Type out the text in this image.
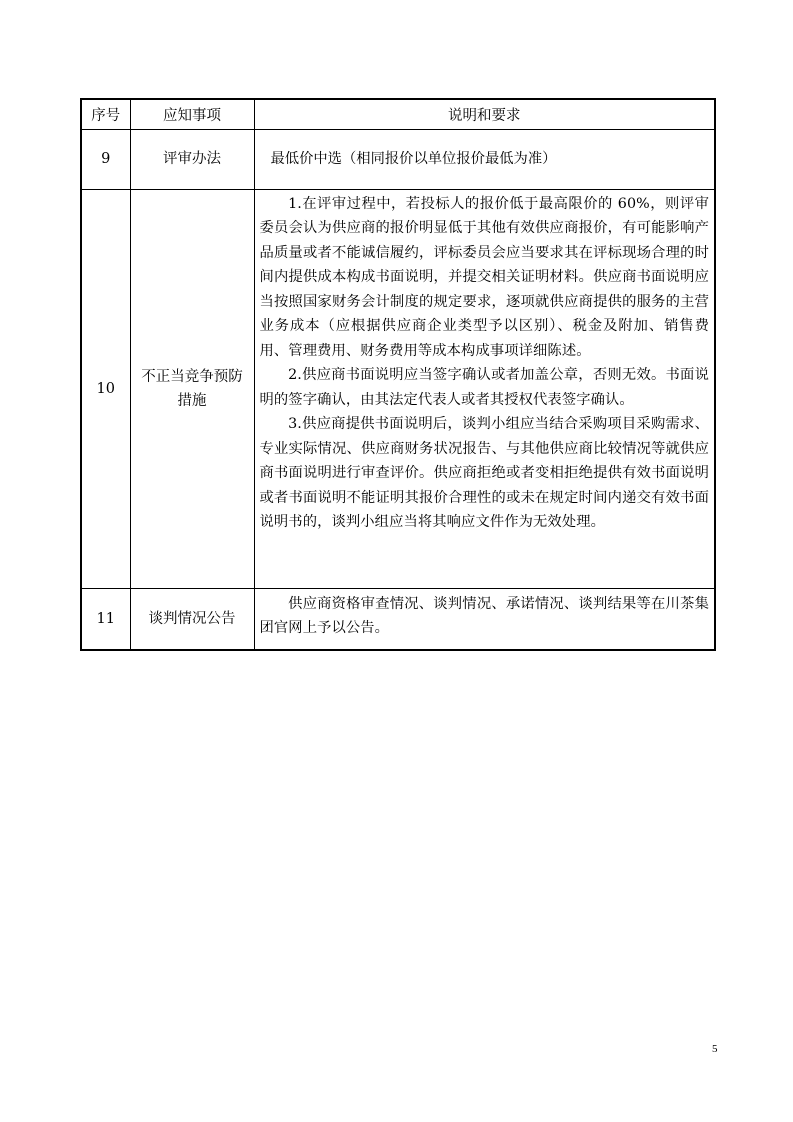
序号	应知事项	说明和要求
9	评审办法	最低价中选（相同报价以单位报价最低为准）

10	不正当竞争预防措施	1.在评审过程中，若投标人的报价低于最高限价的 60%，则评审委员会认为供应商的报价明显低于其他有效供应商报价，有可能影响产品质量或者不能诚信履约，评标委员会应当要求其在评标现场合理的时间内提供成本构成书面说明，并提交相关证明材料。供应商书面说明应当按照国家财务会计制度的规定要求，逐项就供应商提供的服务的主营业务成本（应根据供应商企业类型予以区别）、税金及附加、销售费用、管理费用、财务费用等成本构成事项详细陈述。

2.供应商书面说明应当签字确认或者加盖公章，否则无效。书面说明的签字确认，由其法定代表人或者其授权代表签字确认。

3.供应商提供书面说明后，谈判小组应当结合采购项目采购需求、专业实际情况、供应商财务状况报告、与其他供应商比较情况等就供应商书面说明进行审查评价。供应商拒绝或者变相拒绝提供有效书面说明或者书面说明不能证明其报价合理性的或未在规定时间内递交有效书面说明书的，谈判小组应当将其响应文件作为无效处理。

11	谈判情况公告	供应商资格审查情况、谈判情况、承诺情况、谈判结果等在川茶集团官网上予以公告。

5
